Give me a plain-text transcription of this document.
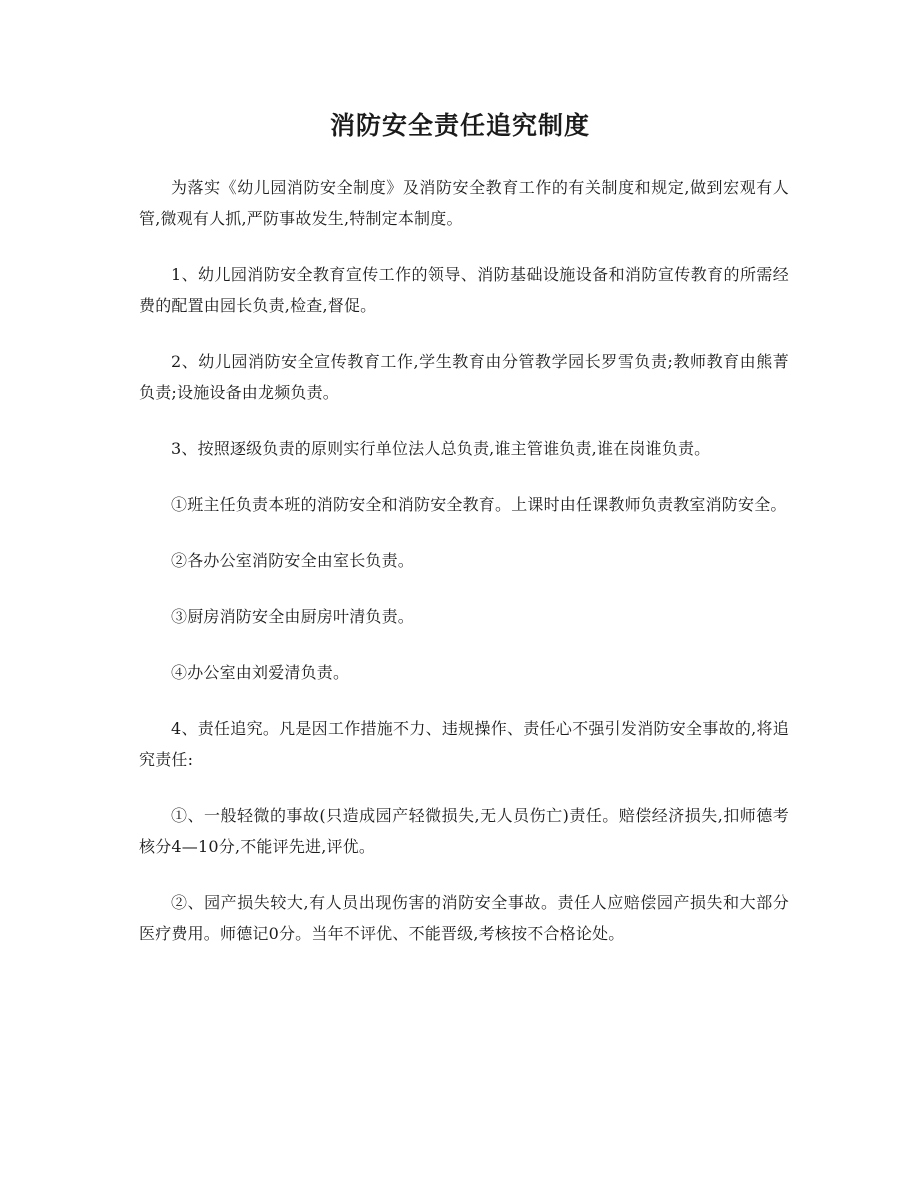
消防安全责任追究制度

为落实《幼儿园消防安全制度》及消防安全教育工作的有关制度和规定,做到宏观有人管,微观有人抓,严防事故发生,特制定本制度。

1、幼儿园消防安全教育宣传工作的领导、消防基础设施设备和消防宣传教育的所需经费的配置由园长负责,检查,督促。

2、幼儿园消防安全宣传教育工作,学生教育由分管教学园长罗雪负责;教师教育由熊菁负责;设施设备由龙频负责。

3、按照逐级负责的原则实行单位法人总负责,谁主管谁负责,谁在岗谁负责。

①班主任负责本班的消防安全和消防安全教育。上课时由任课教师负责教室消防安全。

②各办公室消防安全由室长负责。

③厨房消防安全由厨房叶清负责。

④办公室由刘爱清负责。

4、责任追究。凡是因工作措施不力、违规操作、责任心不强引发消防安全事故的,将追究责任:

①、一般轻微的事故(只造成园产轻微损失,无人员伤亡)责任。赔偿经济损失,扣师德考核分4—10分,不能评先进,评优。

②、园产损失较大,有人员出现伤害的消防安全事故。责任人应赔偿园产损失和大部分医疗费用。师德记0分。当年不评优、不能晋级,考核按不合格论处。
